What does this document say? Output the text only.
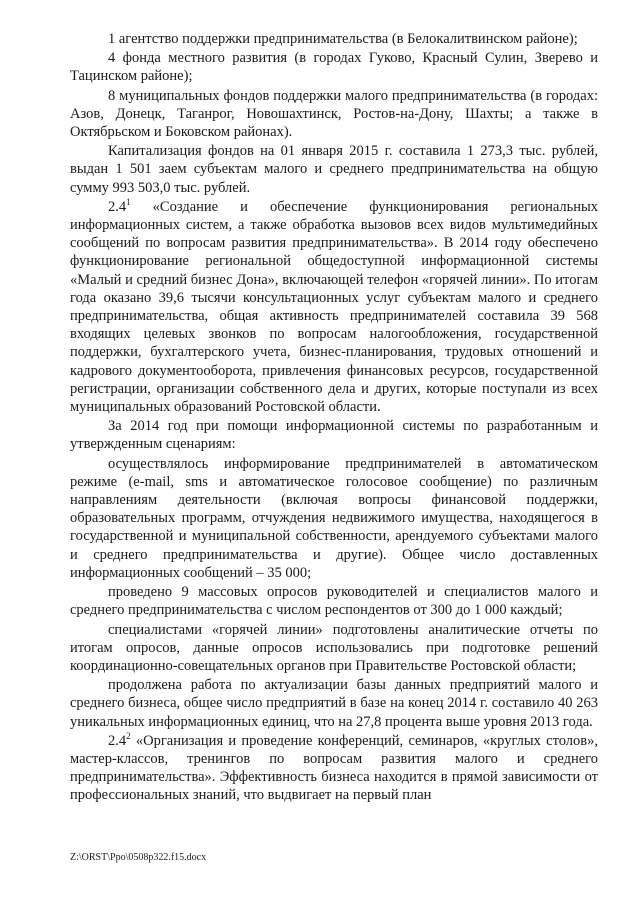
1 агентство поддержки предпринимательства (в Белокалитвинском районе);

4 фонда местного развития (в городах Гуково, Красный Сулин, Зверево и Тацинском районе);

8 муниципальных фондов поддержки малого предпринимательства (в городах: Азов, Донецк, Таганрог, Новошахтинск, Ростов-на-Дону, Шахты; а также в Октябрьском и Боковском районах).

Капитализация фондов на 01 января 2015 г. составила 1 273,3 тыс. рублей, выдан 1 501 заем субъектам малого и среднего предпринимательства на общую сумму 993 503,0 тыс. рублей.

$2.4^1$ «Создание и обеспечение функционирования региональных информационных систем, а также обработка вызовов всех видов мультимедийных сообщений по вопросам развития предпринимательства». В 2014 году обеспечено функционирование региональной общедоступной информационной системы «Малый и средний бизнес Дона», включающей телефон «горячей линии». По итогам года оказано 39,6 тысячи консультационных услуг субъектам малого и среднего предпринимательства, общая активность предпринимателей составила 39 568 входящих целевых звонков по вопросам налогообложения, государственной поддержки, бухгалтерского учета, бизнес-планирования, трудовых отношений и кадрового документооборота, привлечения финансовых ресурсов, государственной регистрации, организации собственного дела и других, которые поступали из всех муниципальных образований Ростовской области.

За 2014 год при помощи информационной системы по разработанным и утвержденным сценариям:

осуществлялось информирование предпринимателей в автоматическом режиме (e-mail, sms и автоматическое голосовое сообщение) по различным направлениям деятельности (включая вопросы финансовой поддержки, образовательных программ, отчуждения недвижимого имущества, находящегося в государственной и муниципальной собственности, арендуемого субъектами малого и среднего предпринимательства и другие). Общее число доставленных информационных сообщений – 35 000;

проведено 9 массовых опросов руководителей и специалистов малого и среднего предпринимательства с числом респондентов от 300 до 1 000 каждый;

специалистами «горячей линии» подготовлены аналитические отчеты по итогам опросов, данные опросов использовались при подготовке решений координационно-совещательных органов при Правительстве Ростовской области;

продолжена работа по актуализации базы данных предприятий малого и среднего бизнеса, общее число предприятий в базе на конец 2014 г. составило 40 263 уникальных информационных единиц, что на 27,8 процента выше уровня 2013 года.

$2.4^2$ «Организация и проведение конференций, семинаров, «круглых столов», мастер-классов, тренингов по вопросам развития малого и среднего предпринимательства». Эффективность бизнеса находится в прямой зависимости от профессиональных знаний, что выдвигает на первый план

Z:\ORST\Ppo\0508p322.f15.docx
